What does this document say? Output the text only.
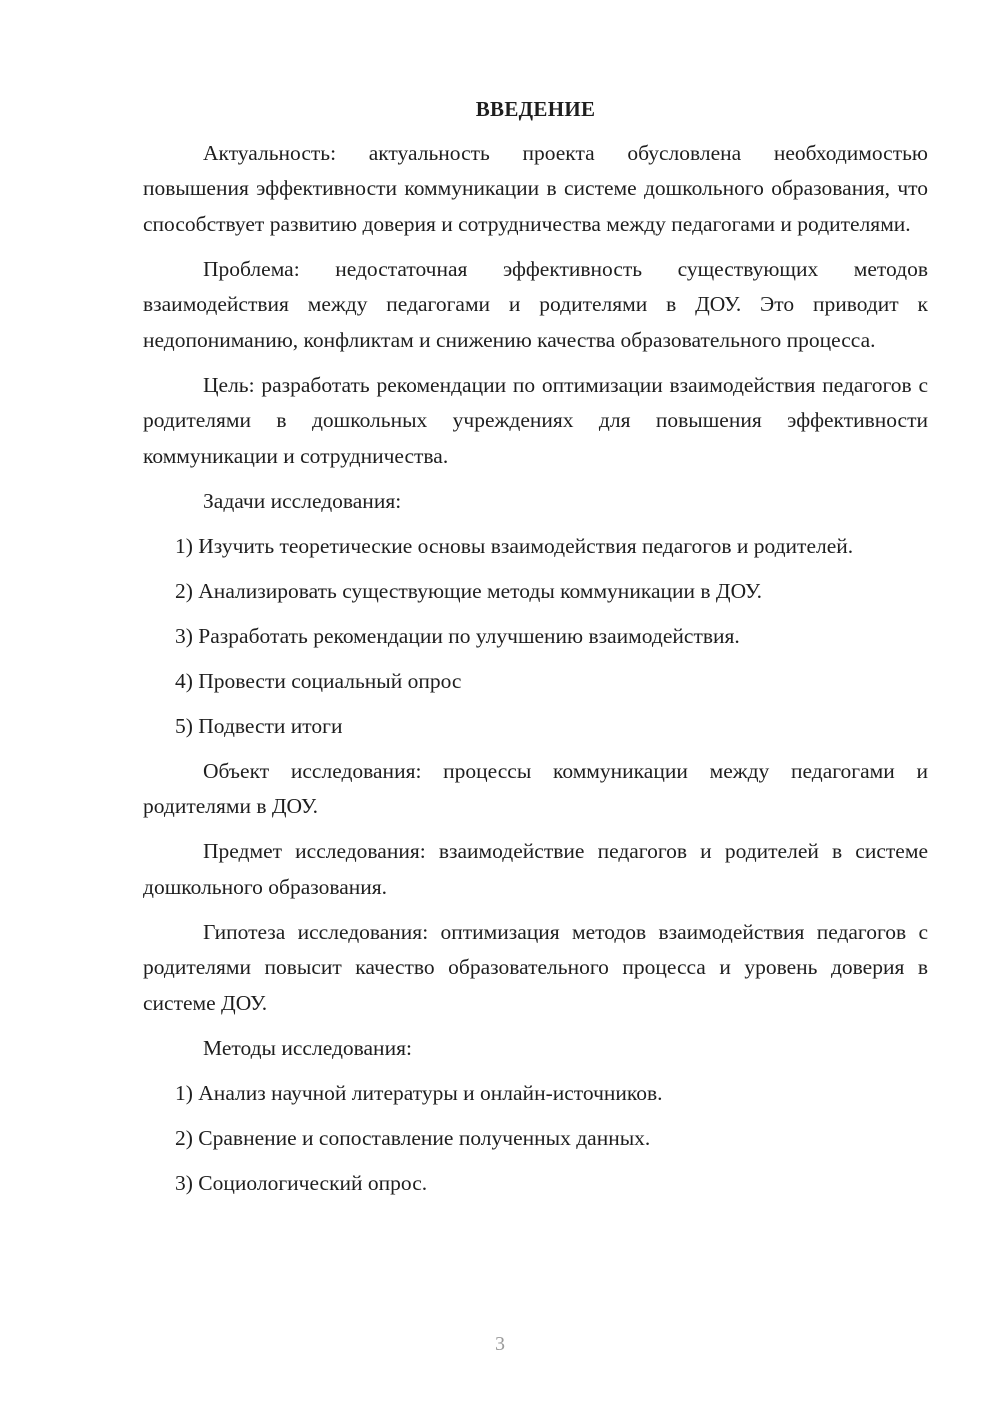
ВВЕДЕНИЕ

Актуальность: актуальность проекта обусловлена необходимостью повышения эффективности коммуникации в системе дошкольного образования, что способствует развитию доверия и сотрудничества между педагогами и родителями.

Проблема: недостаточная эффективность существующих методов взаимодействия между педагогами и родителями в ДОУ. Это приводит к недопониманию, конфликтам и снижению качества образовательного процесса.

Цель: разработать рекомендации по оптимизации взаимодействия педагогов с родителями в дошкольных учреждениях для повышения эффективности коммуникации и сотрудничества.

Задачи исследования:

1) Изучить теоретические основы взаимодействия педагогов и родителей.

2) Анализировать существующие методы коммуникации в ДОУ.

3) Разработать рекомендации по улучшению взаимодействия.

4) Провести социальный опрос

5) Подвести итоги

Объект исследования: процессы коммуникации между педагогами и родителями в ДОУ.

Предмет исследования: взаимодействие педагогов и родителей в системе дошкольного образования.

Гипотеза исследования: оптимизация методов взаимодействия педагогов с родителями повысит качество образовательного процесса и уровень доверия в системе ДОУ.

Методы исследования:

1) Анализ научной литературы и онлайн-источников.

2) Сравнение и сопоставление полученных данных.

3) Социологический опрос.

3
